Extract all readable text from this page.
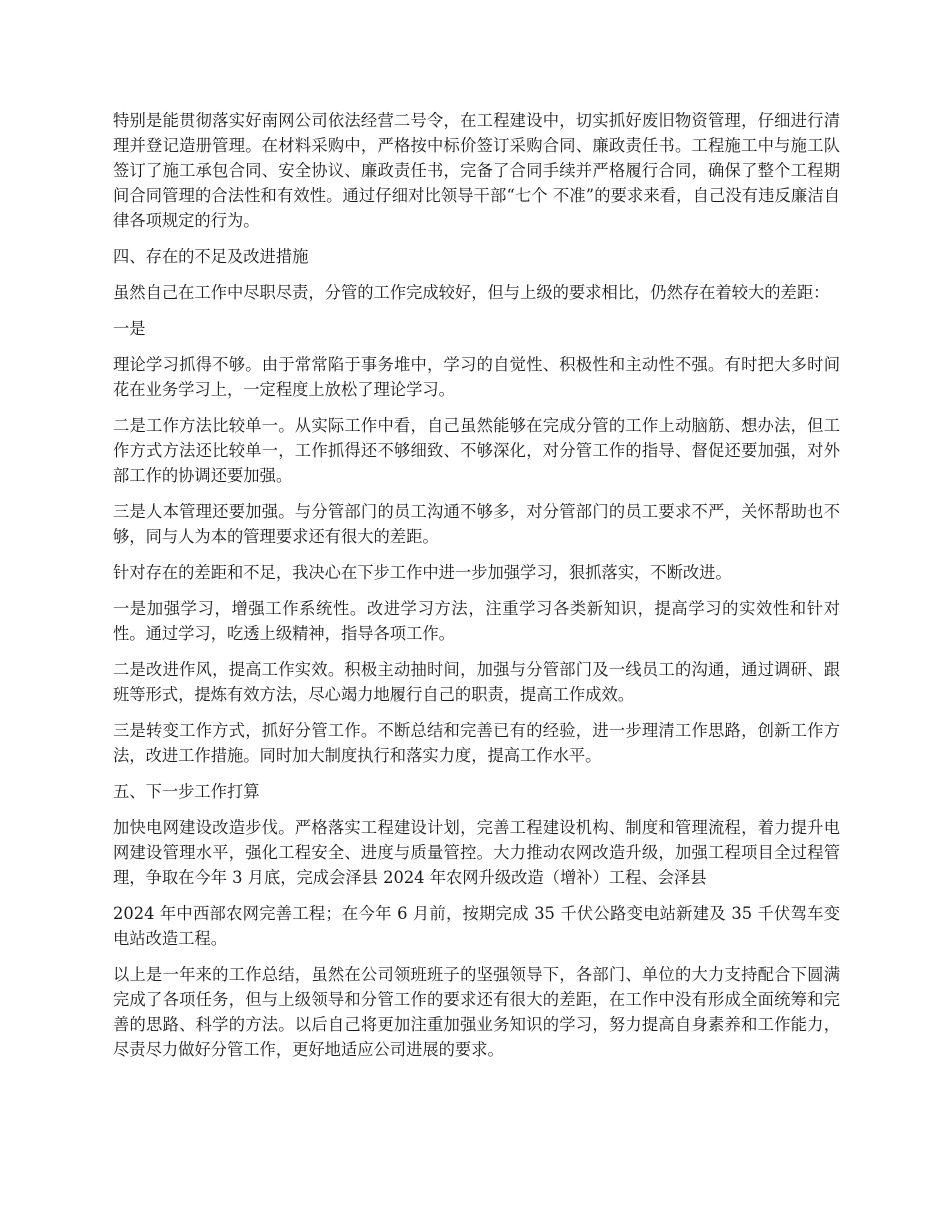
特别是能贯彻落实好南网公司依法经营二号令，在工程建设中，切实抓好废旧物资管理，仔细进行清理并登记造册管理。在材料采购中，严格按中标价签订采购合同、廉政责任书。工程施工中与施工队签订了施工承包合同、安全协议、廉政责任书，完备了合同手续并严格履行合同，确保了整个工程期间合同管理的合法性和有效性。通过仔细对比领导干部“七个 不准”的要求来看，自己没有违反廉洁自律各项规定的行为。

四、存在的不足及改进措施

虽然自己在工作中尽职尽责，分管的工作完成较好，但与上级的要求相比，仍然存在着较大的差距：

一是

理论学习抓得不够。由于常常陷于事务堆中，学习的自觉性、积极性和主动性不强。有时把大多时间花在业务学习上，一定程度上放松了理论学习。

二是工作方法比较单一。从实际工作中看，自己虽然能够在完成分管的工作上动脑筋、想办法，但工作方式方法还比较单一，工作抓得还不够细致、不够深化，对分管工作的指导、督促还要加强，对外部工作的协调还要加强。

三是人本管理还要加强。与分管部门的员工沟通不够多，对分管部门的员工要求不严，关怀帮助也不够，同与人为本的管理要求还有很大的差距。

针对存在的差距和不足，我决心在下步工作中进一步加强学习，狠抓落实，不断改进。

一是加强学习，增强工作系统性。改进学习方法，注重学习各类新知识，提高学习的实效性和针对性。通过学习，吃透上级精神，指导各项工作。

二是改进作风，提高工作实效。积极主动抽时间，加强与分管部门及一线员工的沟通，通过调研、跟班等形式，提炼有效方法，尽心竭力地履行自己的职责，提高工作成效。

三是转变工作方式，抓好分管工作。不断总结和完善已有的经验，进一步理清工作思路，创新工作方法，改进工作措施。同时加大制度执行和落实力度，提高工作水平。

五、下一步工作打算

加快电网建设改造步伐。严格落实工程建设计划，完善工程建设机构、制度和管理流程，着力提升电网建设管理水平，强化工程安全、进度与质量管控。大力推动农网改造升级，加强工程项目全过程管理，争取在今年 3 月底，完成会泽县 2024 年农网升级改造（增补）工程、会泽县

2024 年中西部农网完善工程；在今年 6 月前，按期完成 35 千伏公路变电站新建及 35 千伏驾车变电站改造工程。

以上是一年来的工作总结，虽然在公司领班班子的坚强领导下，各部门、单位的大力支持配合下圆满完成了各项任务，但与上级领导和分管工作的要求还有很大的差距，在工作中没有形成全面统筹和完善的思路、科学的方法。以后自己将更加注重加强业务知识的学习，努力提高自身素养和工作能力，尽责尽力做好分管工作，更好地适应公司进展的要求。
